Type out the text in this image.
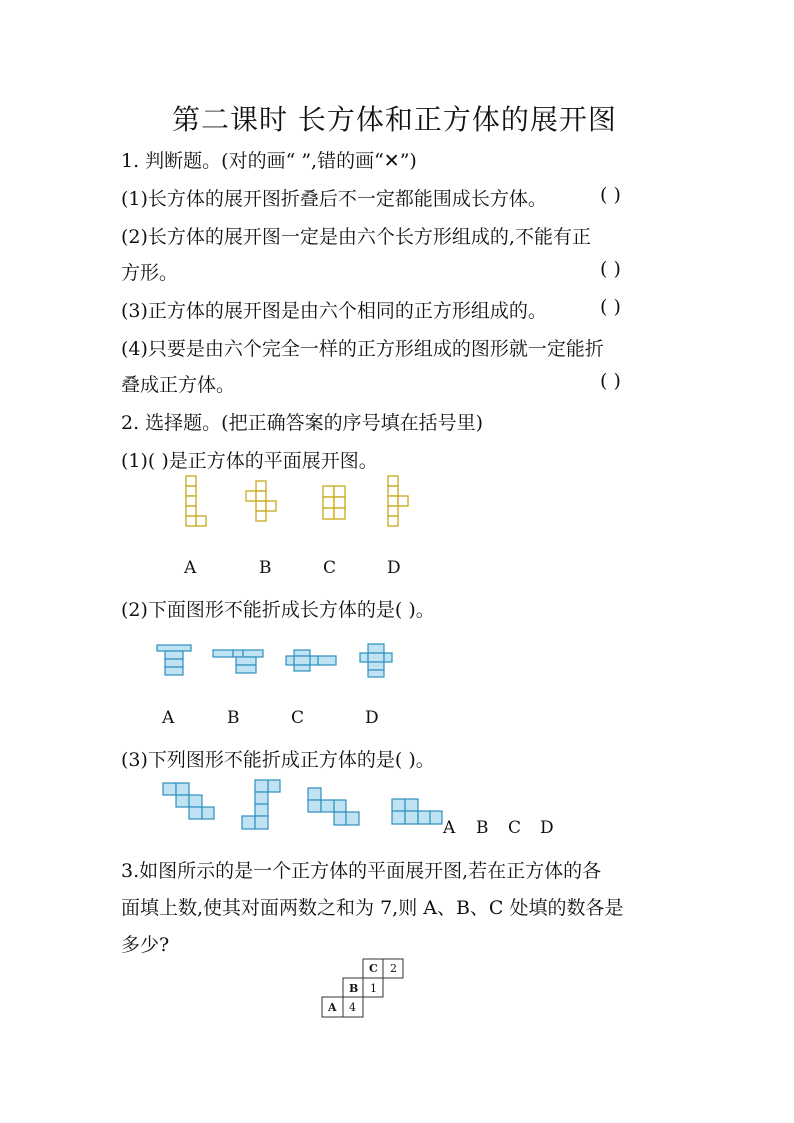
第二课时 长方体和正方体的展开图
1. 判断题。(对的画“ ”,错的画“✕”)
(1)长方体的展开图折叠后不一定都能围成长方体。	( )
(2)长方体的展开图一定是由六个长方形组成的,不能有正
方形。	( )
(3)正方体的展开图是由六个相同的正方形组成的。	( )
(4)只要是由六个完全一样的正方形组成的图形就一定能折
叠成正方体。	( )
2. 选择题。(把正确答案的序号填在括号里)
(1)( )是正方体的平面展开图。
A	B	C	D
(2)下面图形不能折成长方体的是( )。
A	B	C	D
(3)下列图形不能折成正方体的是( )。
A B C D
3.如图所示的是一个正方体的平面展开图,若在正方体的各
面填上数,使其对面两数之和为 7,则 A、B、C 处填的数各是
多少?
C 2
B 1
A 4
